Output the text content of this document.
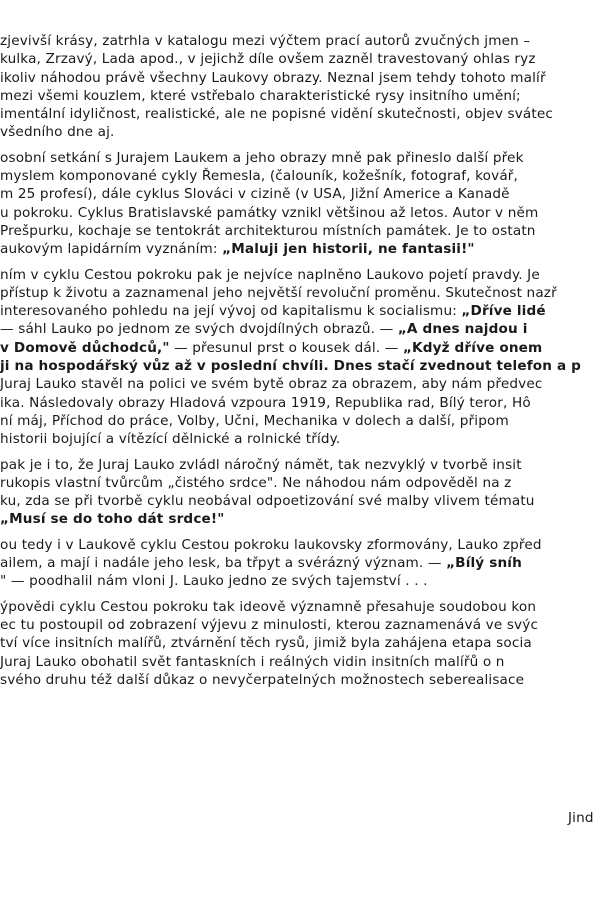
zjevivší krásy, zatrhla v katalogu mezi výčtem prací autorů zvučných jmen –
kulka, Zrzavý, Lada apod., v jejichž díle ovšem zazněl travestovaný ohlas ryz
ikoliv náhodou právě všechny Laukovy obrazy. Neznal jsem tehdy tohoto malíř
mezi všemi kouzlem, které vstřebalo charakteristické rysy insitního umění;
imentální idyličnost, realistické, ale ne popisné vidění skutečnosti, objev svátec
všedního dne aj.
osobní setkání s Jurajem Laukem a jeho obrazy mně pak přineslo další přek
mysle​m komponované cykly Řemesla, (čalouník, kožešník, fotograf, kovář,
m 25 profesí), dále cyklus Slováci v cizině (v USA, Jižní Americe a Kanadě
u pokroku. Cyklus Bratislavské památky vznikl většinou až letos. Autor v něm
Prešpurku, kochaje se tentokrát architekturou místních památek. Je to ostatn
aukovým lapidárním vyznáním: „Maluji jen historii, ne fantasii!"
ním v cyklu Cestou pokroku pak je nejvíce naplněno Laukovo pojetí pravdy. Je
přístup k životu a zaznamenal jeho největší revoluční proměnu. Skutečnost nazř
interesovaného pohledu na její vývoj od kapitalismu k socialismu: „Dříve lidé
— sáhl Lauko po jednom ze svých dvojdílných obrazů. — „A dnes najdou i
v Domově důchodců," — přesunul prst o kousek dál. — „Když dříve onem
ji na hospodářský vůz až v poslední chvíli. Dnes stačí zvednout telefon a p
Juraj Lauko stavěl na polici ve svém bytě obraz za obrazem, aby nám předvec
ika. Následovaly obrazy Hladová vzpoura 1919, Republika rad, Bílý teror, Hô
ní máj, Příchod do práce, Volby, Učni, Mechanika v dolech a další, připom
historii bojující a vítězící dělnické a rolnické třídy.
pak je i to, že Juraj Lauko zvládl náročný námět, tak nezvyklý v tvorbě insit
rukopis vlastní tvůrcům „čistého srdce". Ne náhodou nám odpověděl na z
ku, zda se při tvorbě cyklu neobával odpoetizování své malby vlivem tématu
„Musí se do toho dát srdce!"
ou tedy i v Laukově cyklu Cestou pokroku laukovsky zformovány, Lauko zpřed
ailem, a mají i nadále jeho lesk, ba třpyt a svérázný význam. — „Bílý sníh
" — poodhalil nám vloni J. Lauko jedno ze svých tajemství . . .
ýpovědi cyklu Cestou pokroku tak ideově významně přesahuje soudobou kon
ec tu postoupil od zobrazení výjevu z minulosti, kterou zaznamenává ve svýc
tví více insitních malířů, ztvárnění těch rysů, jimiž byla zahájena etapa socia
Juraj Lauko obohatil svět fantaskních i reálných vidin insitních malířů o n
svého druhu též další důkaz o nevyčerpatelných možnostech seberealisace
Jind
